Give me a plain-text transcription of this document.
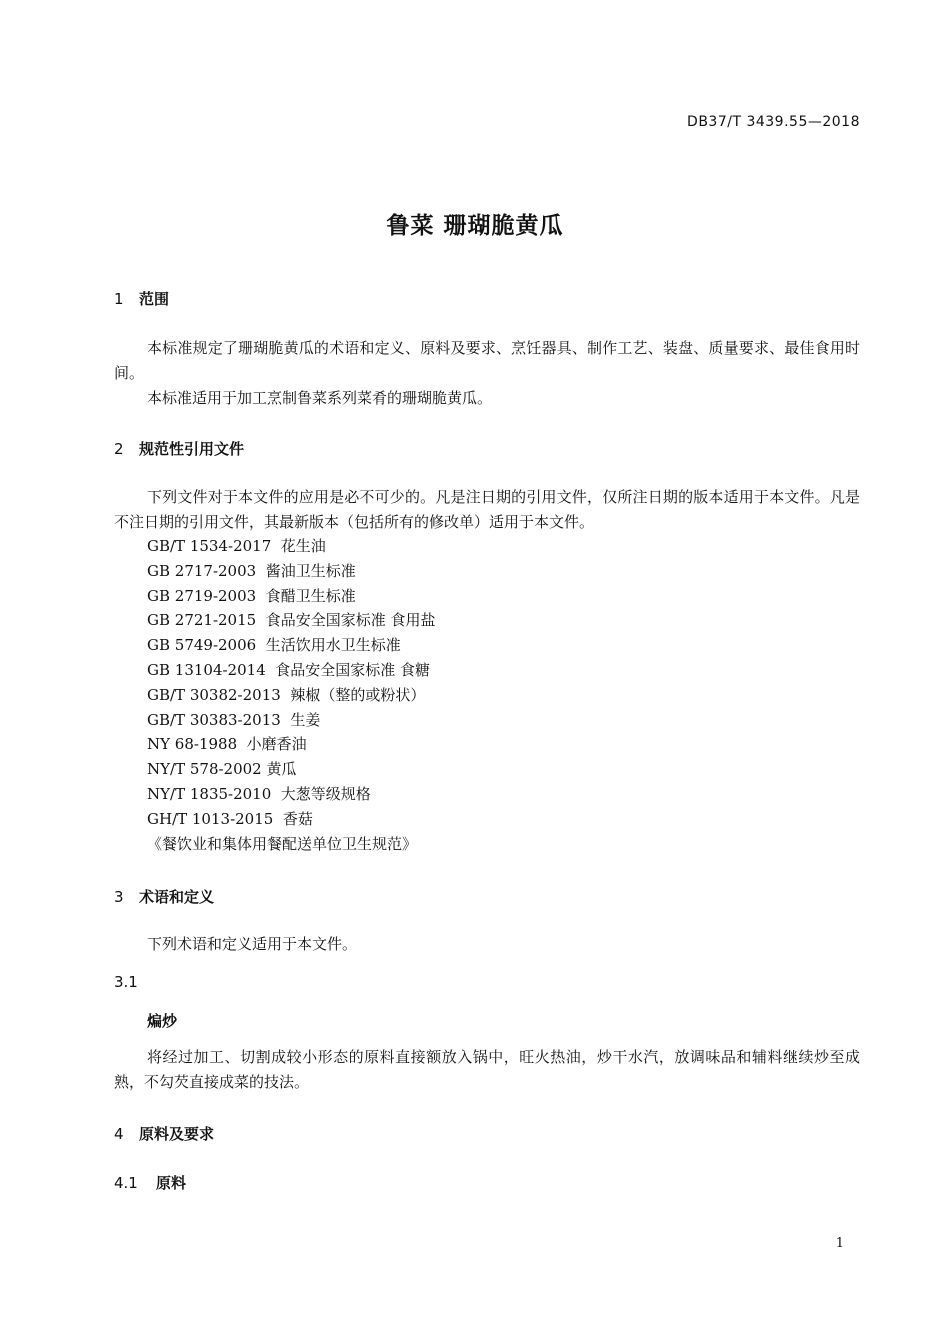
DB37/T 3439.55—2018
鲁菜 珊瑚脆黄瓜
1 范围
本标准规定了珊瑚脆黄瓜的术语和定义、原料及要求、烹饪器具、制作工艺、装盘、质量要求、最佳食用时间。
本标准适用于加工烹制鲁菜系列菜肴的珊瑚脆黄瓜。
2 规范性引用文件
下列文件对于本文件的应用是必不可少的。凡是注日期的引用文件，仅所注日期的版本适用于本文件。凡是不注日期的引用文件，其最新版本（包括所有的修改单）适用于本文件。
GB/T 1534-2017  花生油
GB 2717-2003  酱油卫生标准
GB 2719-2003  食醋卫生标准
GB 2721-2015  食品安全国家标准 食用盐
GB 5749-2006  生活饮用水卫生标准
GB 13104-2014  食品安全国家标准 食糖
GB/T 30382-2013  辣椒（整的或粉状）
GB/T 30383-2013  生姜
NY 68-1988  小磨香油
NY/T 578-2002 黄瓜
NY/T 1835-2010  大葱等级规格
GH/T 1013-2015  香菇
《餐饮业和集体用餐配送单位卫生规范》
3 术语和定义
下列术语和定义适用于本文件。
3.1
煸炒
将经过加工、切割成较小形态的原料直接额放入锅中，旺火热油，炒干水汽，放调味品和辅料继续炒至成熟，不勾芡直接成菜的技法。
4 原料及要求
4.1 原料
1
